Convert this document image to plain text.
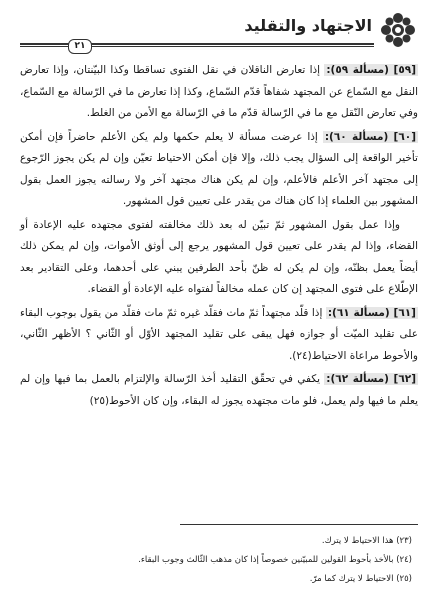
الاجتهاد والتقليد
٢١

[٥٩] (مسألة ٥٩): إذا تعارض الناقلان في نقل الفتوى تساقطا وكذا البيّنتان، وإذا تعارض النقل مع السّماع عن المجتهد شفاهاً قدّم السّماع، وكذا إذا تعارض ما في الرّسالة مع السّماع، وفي تعارض النّقل مع ما في الرّسالة قدّم ما في الرّسالة مع الأمن من الغلط.

[٦٠] (مسألة ٦٠): إذا عرضت مسألة لا يعلم حكمها ولم يكن الأعلم حاضراً فإن أمكن تأخير الواقعة إلى السؤال يجب ذلك، وإلا فإن أمكن الاحتياط تعيّن وإن لم يكن يجوز الرّجوع إلى مجتهد آخر الأعلم فالأعلم، وإن لم يكن هناك مجتهد آخر ولا رسالته يجوز العمل بقول المشهور بين العلماء إذا كان هناك من يقدر على تعيين قول المشهور.

وإذا عمل بقول المشهور ثمّ تبيّن له بعد ذلك مخالفته لفتوى مجتهده عليه الإعادة أو القضاء، وإذا لم يقدر على تعيين قول المشهور يرجع إلى أوثق الأموات، وإن لم يمكن ذلك أيضاً يعمل بظنّه، وإن لم يكن له ظنّ بأحد الطرفين يبني على أحدهما، وعلى التقادير بعد الإطّلاع على فتوى المجتهد إن كان عمله مخالفاً لفتواه عليه الإعادة أو القضاء.

[٦١] (مسألة ٦١): إذا قلّد مجتهداً ثمّ مات فقلّد غيره ثمّ مات فقلّد من يقول بوجوب البقاء على تقليد الميّت أو جوازه فهل يبقى على تقليد المجتهد الأوّل أو الثّاني ؟ الأظهر الثّاني، والأحوط مراعاة الاحتياط(٢٤).

[٦٢] (مسألة ٦٢): يكفي في تحقّق التقليد أخذ الرّسالة والإلتزام بالعمل بما فيها وإن لم يعلم ما فيها ولم يعمل، فلو مات مجتهده يجوز له البقاء، وإن كان الأحوط(٢٥)

(٢٣) هذا الاحتياط لا يترك.

(٢٤) بالأخذ بأحوط القولين للمبيّنين خصوصاً إذا كان مذهب الثّالث وجوب البقاء.

(٢٥) الاحتياط لا يترك كما مرّ.
